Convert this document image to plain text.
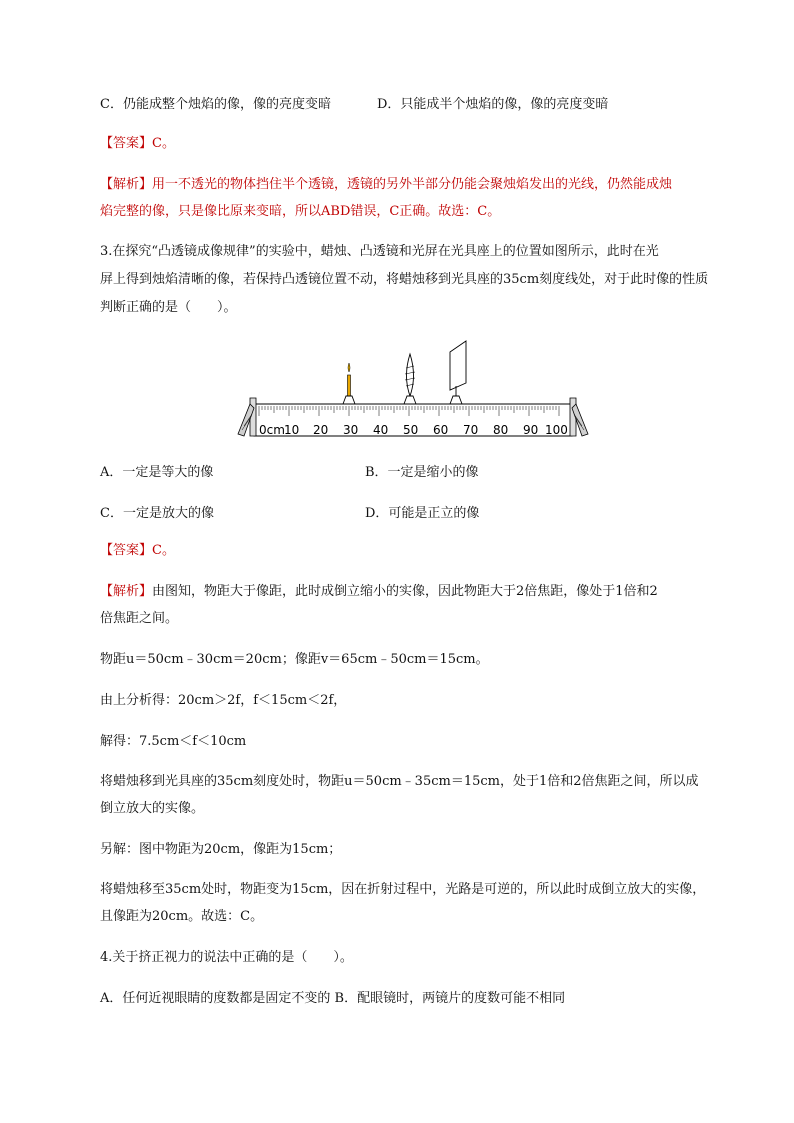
C．仍能成整个烛焰的像，像的亮度变暗	D．只能成半个烛焰的像，像的亮度变暗
【答案】C。
【解析】用一不透光的物体挡住半个透镜，透镜的另外半部分仍能会聚烛焰发出的光线，仍然能成烛
焰完整的像，只是像比原来变暗，所以ABD错误，C正确。故选：C。
3.在探究“凸透镜成像规律”的实验中，蜡烛、凸透镜和光屏在光具座上的位置如图所示，此时在光
屏上得到烛焰清晰的像，若保持凸透镜位置不动，将蜡烛移到光具座的35cm刻度线处，对于此时像的性质
判断正确的是（　　）。
0cm 10 20 30 40 50 60 70 80 90 100
A．一定是等大的像	B．一定是缩小的像
C．一定是放大的像	D．可能是正立的像
【答案】C。
【解析】由图知，物距大于像距，此时成倒立缩小的实像，因此物距大于2倍焦距，像处于1倍和2
倍焦距之间。
物距u＝50cm﹣30cm＝20cm；像距v＝65cm﹣50cm＝15cm。
由上分析得：20cm＞2f，f＜15cm＜2f，
解得：7.5cm＜f＜10cm
将蜡烛移到光具座的35cm刻度处时，物距u＝50cm﹣35cm＝15cm，处于1倍和2倍焦距之间，所以成
倒立放大的实像。
另解：图中物距为20cm，像距为15cm；
将蜡烛移至35cm处时，物距变为15cm，因在折射过程中，光路是可逆的，所以此时成倒立放大的实像，
且像距为20cm。故选：C。
4.关于挤正视力的说法中正确的是（　　）。
A．任何近视眼睛的度数都是固定不变的 B．配眼镜时，两镜片的度数可能不相同
